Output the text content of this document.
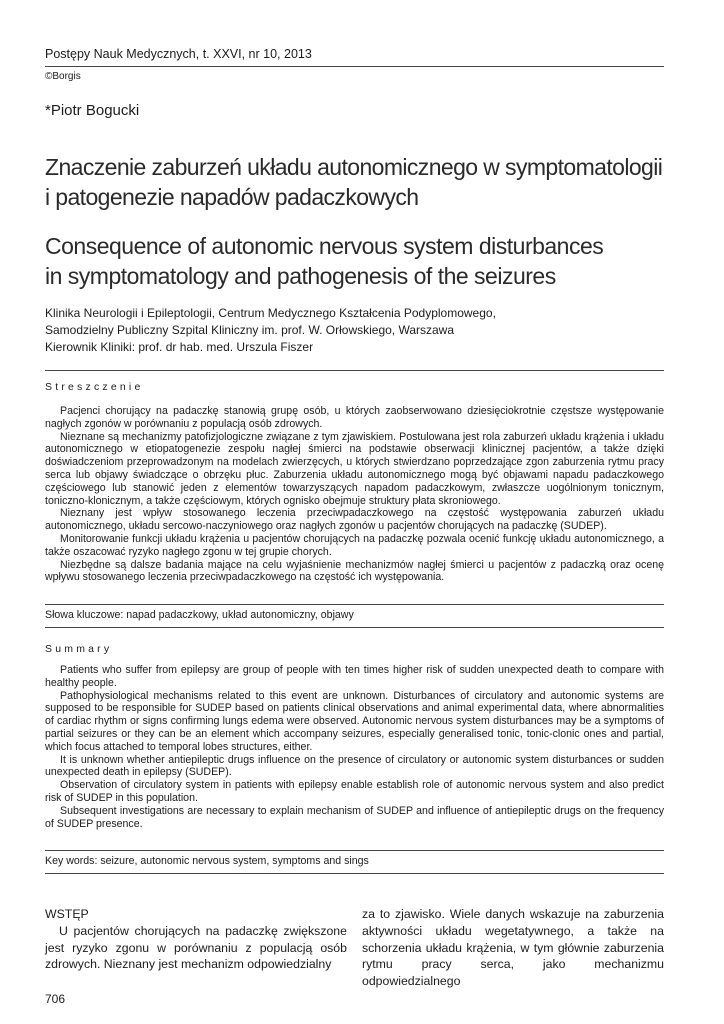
Postępy Nauk Medycznych, t. XXVI, nr 10, 2013
©Borgis
*Piotr Bogucki
Znaczenie zaburzeń układu autonomicznego w symptomatologii
i patogenezie napadów padaczkowych
Consequence of autonomic nervous system disturbances
in symptomatology and pathogenesis of the seizures
Klinika Neurologii i Epileptologii, Centrum Medycznego Kształcenia Podyplomowego,
Samodzielny Publiczny Szpital Kliniczny im. prof. W. Orłowskiego, Warszawa
Kierownik Kliniki: prof. dr hab. med. Urszula Fiszer
Streszczenie

Pacjenci chorujący na padaczkę stanowią grupę osób, u których zaobserwowano dziesięciokrotnie częstsze występowanie nagłych zgonów w porównaniu z populacją osób zdrowych.

Nieznane są mechanizmy patofizjologiczne związane z tym zjawiskiem. Postulowana jest rola zaburzeń układu krążenia i układu autonomicznego w etiopatogenezie zespołu nagłej śmierci na podstawie obserwacji klinicznej pacjentów, a także dzięki doświadczeniom przeprowadzonym na modelach zwierzęcych, u których stwierdzano poprzedzające zgon zaburzenia rytmu pracy serca lub objawy świadczące o obrzęku płuc. Zaburzenia układu autonomicznego mogą być objawami napadu padaczkowego częściowego lub stanowić jeden z elementów towarzyszących napadom padaczkowym, zwłaszcze uogólnionym tonicznym, toniczno-klonicznym, a także częściowym, których ognisko obejmuje struktury płata skroniowego.

Nieznany jest wpływ stosowanego leczenia przeciwpadaczkowego na częstość występowania zaburzeń układu autonomicznego, układu sercowo-naczyniowego oraz nagłych zgonów u pacjentów chorujących na padaczkę (SUDEP).

Monitorowanie funkcji układu krążenia u pacjentów chorujących na padaczkę pozwala ocenić funkcję układu autonomicznego, a także oszacować ryzyko nagłego zgonu w tej grupie chorych.

Niezbędne są dalsze badania mające na celu wyjaśnienie mechanizmów nagłej śmierci u pacjentów z padaczką oraz ocenę wpływu stosowanego leczenia przeciwpadaczkowego na częstość ich występowania.

Słowa kluczowe: napad padaczkowy, układ autonomiczny, objawy
Summary

Patients who suffer from epilepsy are group of people with ten times higher risk of sudden unexpected death to compare with healthy people.

Pathophysiological mechanisms related to this event are unknown. Disturbances of circulatory and autonomic systems are supposed to be responsible for SUDEP based on patients clinical observations and animal experimental data, where abnormalities of cardiac rhythm or signs confirming lungs edema were observed. Autonomic nervous system disturbances may be a symptoms of partial seizures or they can be an element which accompany seizures, especially generalised tonic, tonic-clonic ones and partial, which focus attached to temporal lobes structures, either.

It is unknown whether antiepileptic drugs influence on the presence of circulatory or autonomic system disturbances or sudden unexpected death in epilepsy (SUDEP).

Observation of circulatory system in patients with epilepsy enable establish role of autonomic nervous system and also predict risk of SUDEP in this population.

Subsequent investigations are necessary to explain mechanism of SUDEP and influence of antiepileptic drugs on the frequency of SUDEP presence.

Key words: seizure, autonomic nervous system, symptoms and sings

WSTĘP

U pacjentów chorujących na padaczkę zwiększone jest ryzyko zgonu w porównaniu z populacją osób zdrowych. Nieznany jest mechanizm odpowiedzialny

za to zjawisko. Wiele danych wskazuje na zaburzenia aktywności układu wegetatywnego, a także na schorzenia układu krążenia, w tym głównie zaburzenia rytmu pracy serca, jako mechanizmu odpowiedzialnego

706
